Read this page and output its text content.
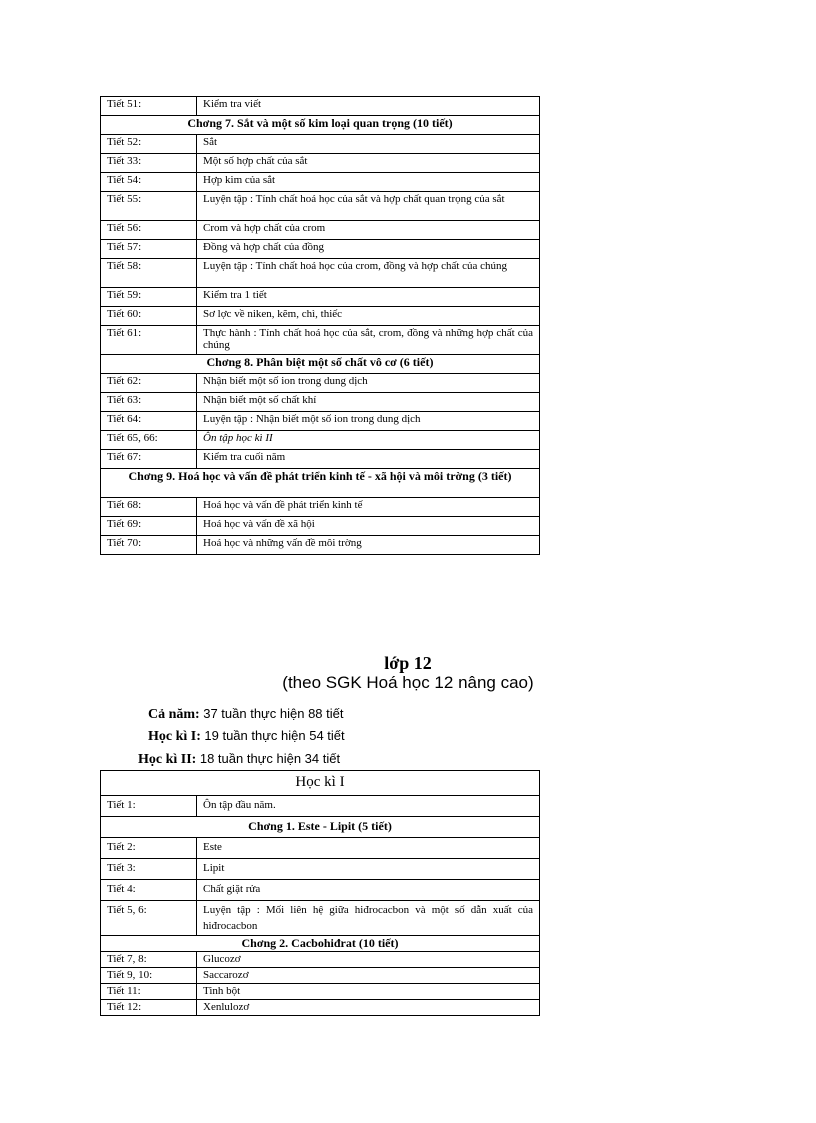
Tiết 51:	Kiểm tra viết
Chơng 7. Sắt và một số kim loại quan trọng (10 tiết)	
Tiết 52:	Sắt
Tiết 33:	Một số hợp chất của sắt
Tiết 54:	Hợp kim của sắt
Tiết 55:	Luyện tập : Tính chất hoá học của sắt và hợp chất quan trọng của sắt
Tiết 56:	Crom và hợp chất của crom
Tiết 57:	Đồng và hợp chất của đồng
Tiết 58:	Luyện tập : Tính chất hoá học của crom, đồng và hợp chất của chúng
Tiết 59:	Kiểm tra 1 tiết
Tiết 60:	Sơ lợc về niken, kẽm, chì, thiếc
Tiết 61:	Thực hành : Tính chất hoá học của sắt, crom, đồng và những hợp chất của chúng
Chơng 8. Phân biệt một số chất vô cơ (6 tiết)	
Tiết 62:	Nhận biết một số ion trong dung dịch
Tiết 63:	Nhận biết một số chất khí
Tiết 64:	Luyện tập : Nhận biết một số ion trong dung dịch
Tiết 65, 66:	Ôn tập học kì II
Tiết 67:	Kiểm tra cuối năm
Chơng 9. Hoá học và vấn đề phát triển kinh tế - xã hội và môi trờng (3 tiết)	
Tiết 68:	Hoá học và vấn đề phát triển kinh tế
Tiết 69:	Hoá học và vấn đề xã hội
Tiết 70:	Hoá học và những vấn đề môi trờng
lớp 12
(theo SGK Hoá học 12 nâng cao)
Cả năm: 37 tuần thực hiện 88 tiết
Học kì I: 19 tuần thực hiện 54 tiết
Học kì II: 18 tuần thực hiện 34 tiết
Học kì I	
Tiết 1:	Ôn tập đầu năm.
Chơng 1. Este - Lipit (5 tiết)	
Tiết 2:	Este
Tiết 3:	Lipit
Tiết 4:	Chất giặt rửa
Tiết 5, 6:	Luyện tập : Mối liên hệ giữa hiđrocacbon và một số dẫn xuất của hiđrocacbon
Chơng 2. Cacbohiđrat (10 tiết)	
Tiết 7, 8:	Glucozơ
Tiết 9, 10:	Saccarozơ
Tiết 11:	Tinh bột
Tiết 12:	Xenlulozơ
